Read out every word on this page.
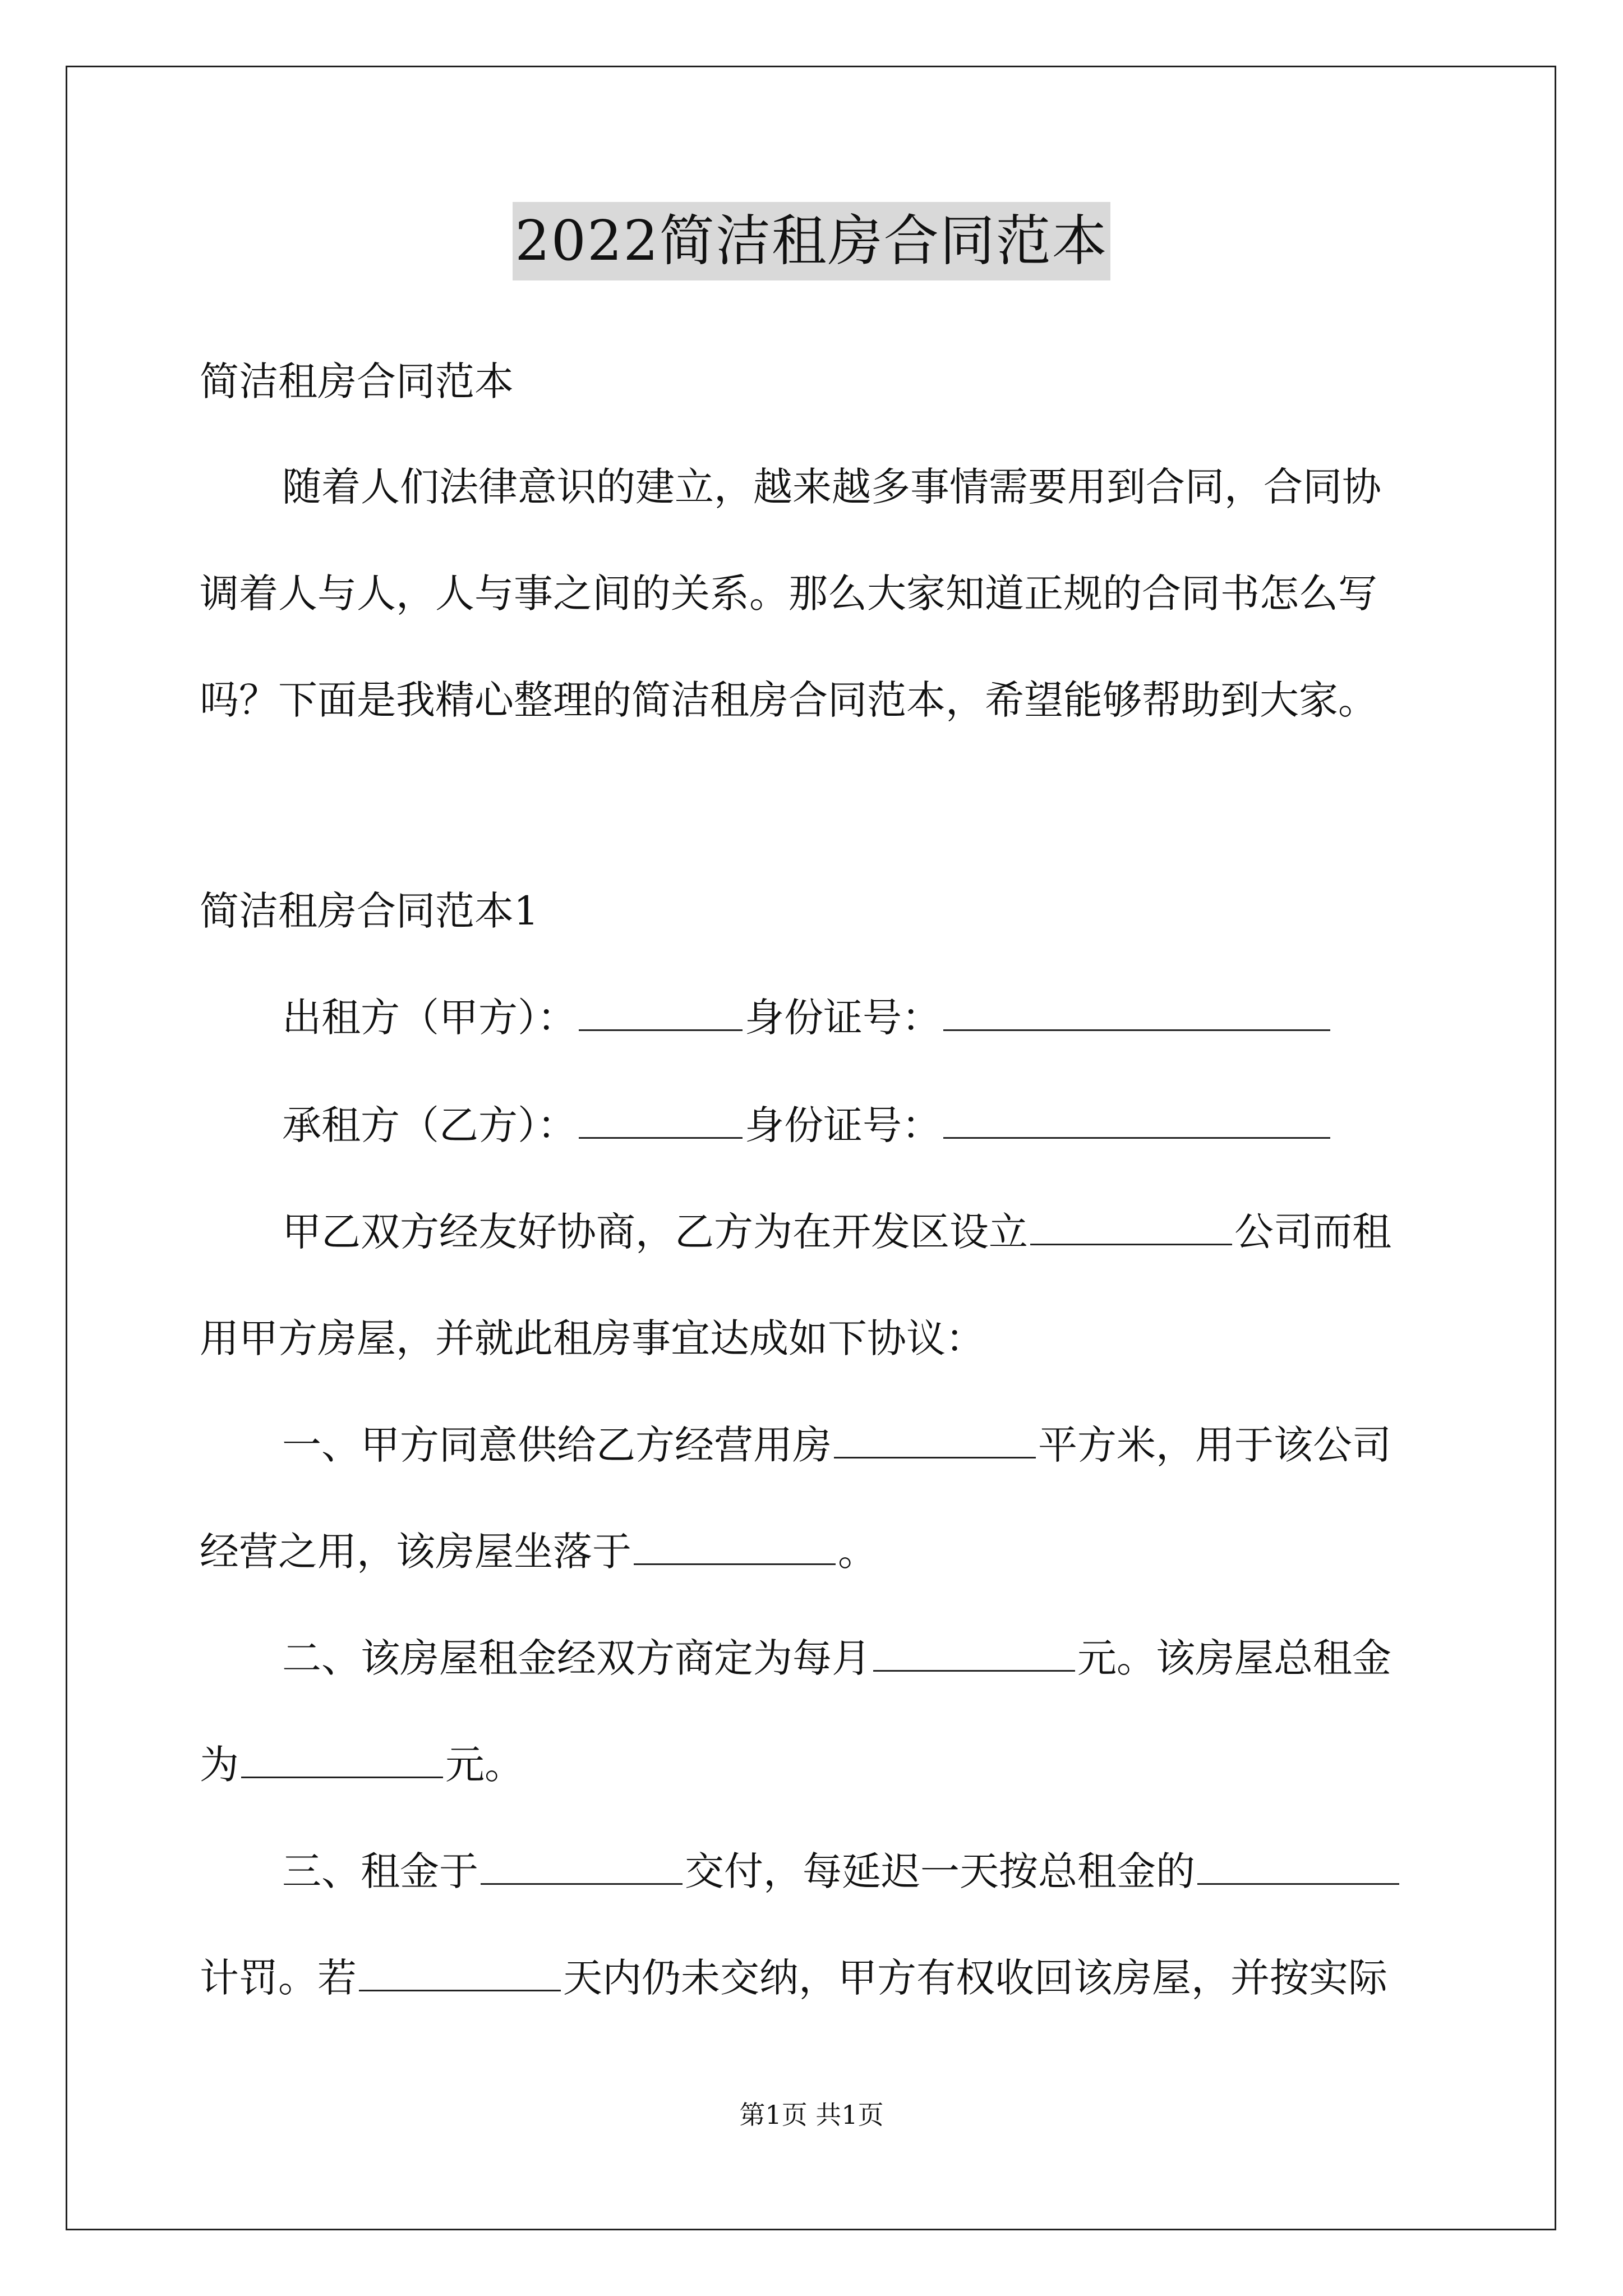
2022简洁租房合同范本
简洁租房合同范本
随着人们法律意识的建立，越来越多事情需要用到合同，合同协
调着人与人，人与事之间的关系。那么大家知道正规的合同书怎么写
吗？下面是我精心整理的简洁租房合同范本，希望能够帮助到大家。
简洁租房合同范本1
出租方（甲方）：	身份证号：
承租方（乙方）：	身份证号：
甲乙双方经友好协商，乙方为在开发区设立	公司而租
用甲方房屋，并就此租房事宜达成如下协议：
一、甲方同意供给乙方经营用房	平方米，用于该公司
经营之用，该房屋坐落于	。
二、该房屋租金经双方商定为每月	元。该房屋总租金
为	元。
三、租金于	交付，每延迟一天按总租金的
计罚。若	天内仍未交纳，甲方有权收回该房屋，并按实际
第1页 共1页
